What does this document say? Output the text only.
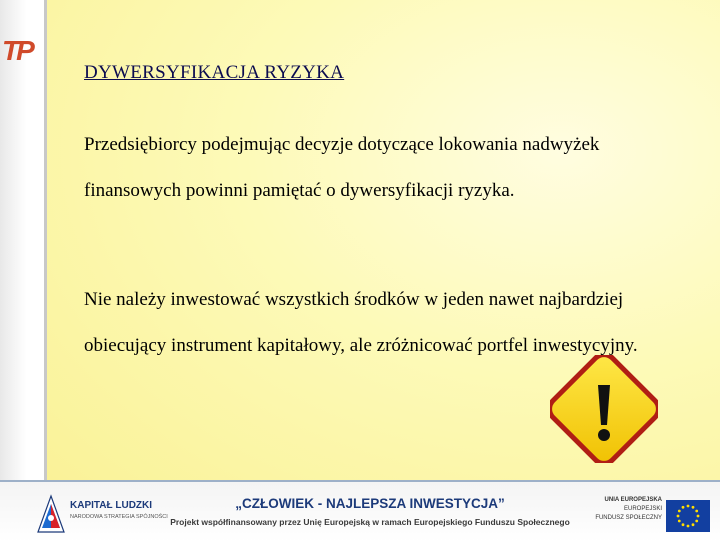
TP
DYWERSYFIKACJA RYZYKA
Przedsiębiorcy podejmując decyzje dotyczące lokowania nadwyżek finansowych powinni pamiętać o dywersyfikacji ryzyka.
Nie należy inwestować wszystkich środków w jeden nawet najbardziej obiecujący instrument kapitałowy, ale zróżnicować portfel inwestycyjny.
KAPITAŁ LUDZKI
NARODOWA STRATEGIA SPÓJNOŚCI
„CZŁOWIEK - NAJLEPSZA INWESTYCJA”
Projekt współfinansowany przez Unię Europejską w ramach Europejskiego Funduszu Społecznego
UNIA EUROPEJSKA
EUROPEJSKI
FUNDUSZ SPOŁECZNY
